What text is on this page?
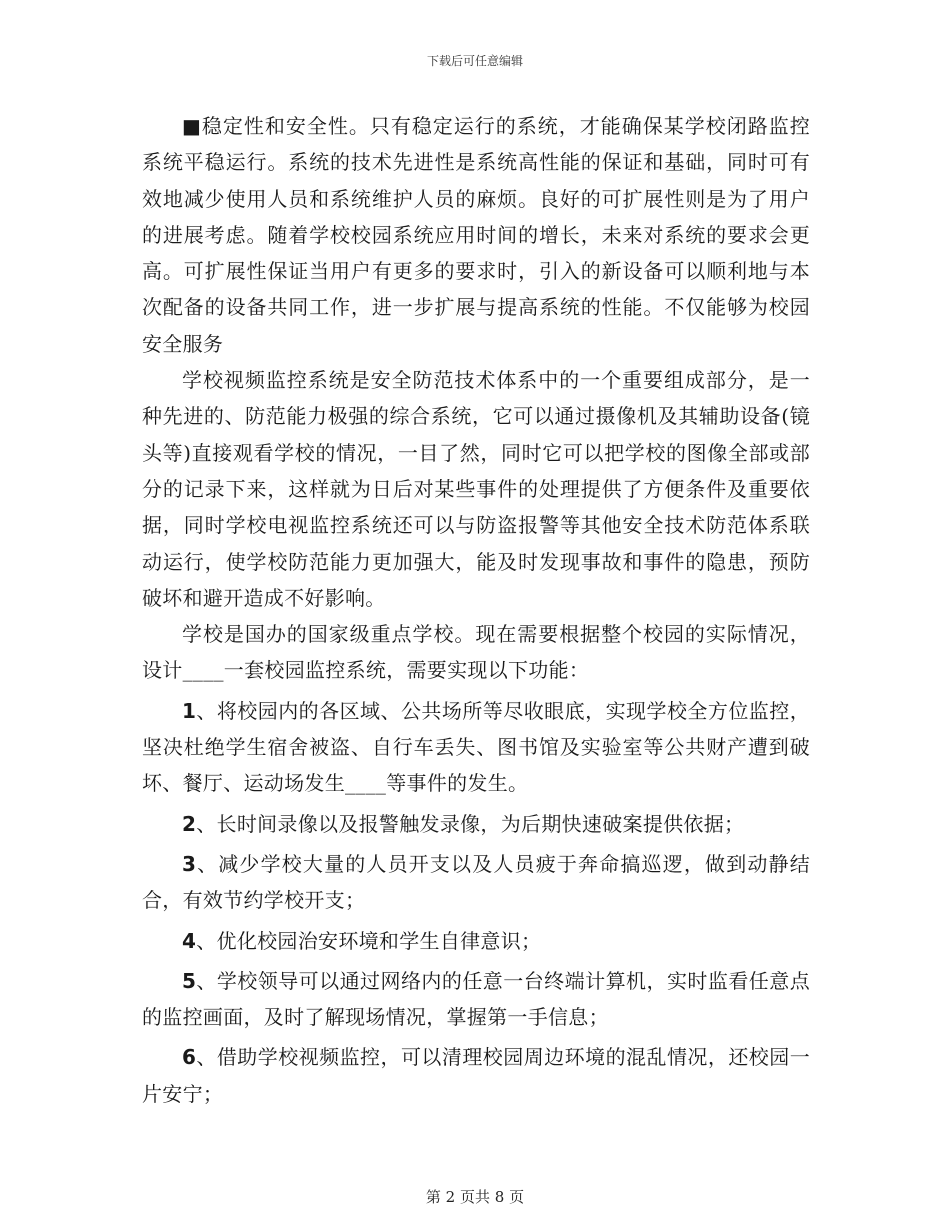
下载后可任意编辑

■稳定性和安全性。只有稳定运行的系统，才能确保某学校闭路监控系统平稳运行。系统的技术先进性是系统高性能的保证和基础，同时可有效地减少使用人员和系统维护人员的麻烦。良好的可扩展性则是为了用户的进展考虑。随着学校校园系统应用时间的增长，未来对系统的要求会更高。可扩展性保证当用户有更多的要求时，引入的新设备可以顺利地与本次配备的设备共同工作，进一步扩展与提高系统的性能。不仅能够为校园安全服务

学校视频监控系统是安全防范技术体系中的一个重要组成部分，是一种先进的、防范能力极强的综合系统，它可以通过摄像机及其辅助设备(镜头等)直接观看学校的情况，一目了然，同时它可以把学校的图像全部或部分的记录下来，这样就为日后对某些事件的处理提供了方便条件及重要依据，同时学校电视监控系统还可以与防盗报警等其他安全技术防范体系联动运行，使学校防范能力更加强大，能及时发现事故和事件的隐患，预防破坏和避开造成不好影响。

学校是国办的国家级重点学校。现在需要根据整个校园的实际情况，设计____一套校园监控系统，需要实现以下功能：

1、将校园内的各区域、公共场所等尽收眼底，实现学校全方位监控，坚决杜绝学生宿舍被盗、自行车丢失、图书馆及实验室等公共财产遭到破坏、餐厅、运动场发生____等事件的发生。

2、长时间录像以及报警触发录像，为后期快速破案提供依据；

3、减少学校大量的人员开支以及人员疲于奔命搞巡逻，做到动静结合，有效节约学校开支；

4、优化校园治安环境和学生自律意识；

5、学校领导可以通过网络内的任意一台终端计算机，实时监看任意点的监控画面，及时了解现场情况，掌握第一手信息；

6、借助学校视频监控，可以清理校园周边环境的混乱情况，还校园一片安宁；

第 2 页共 8 页
